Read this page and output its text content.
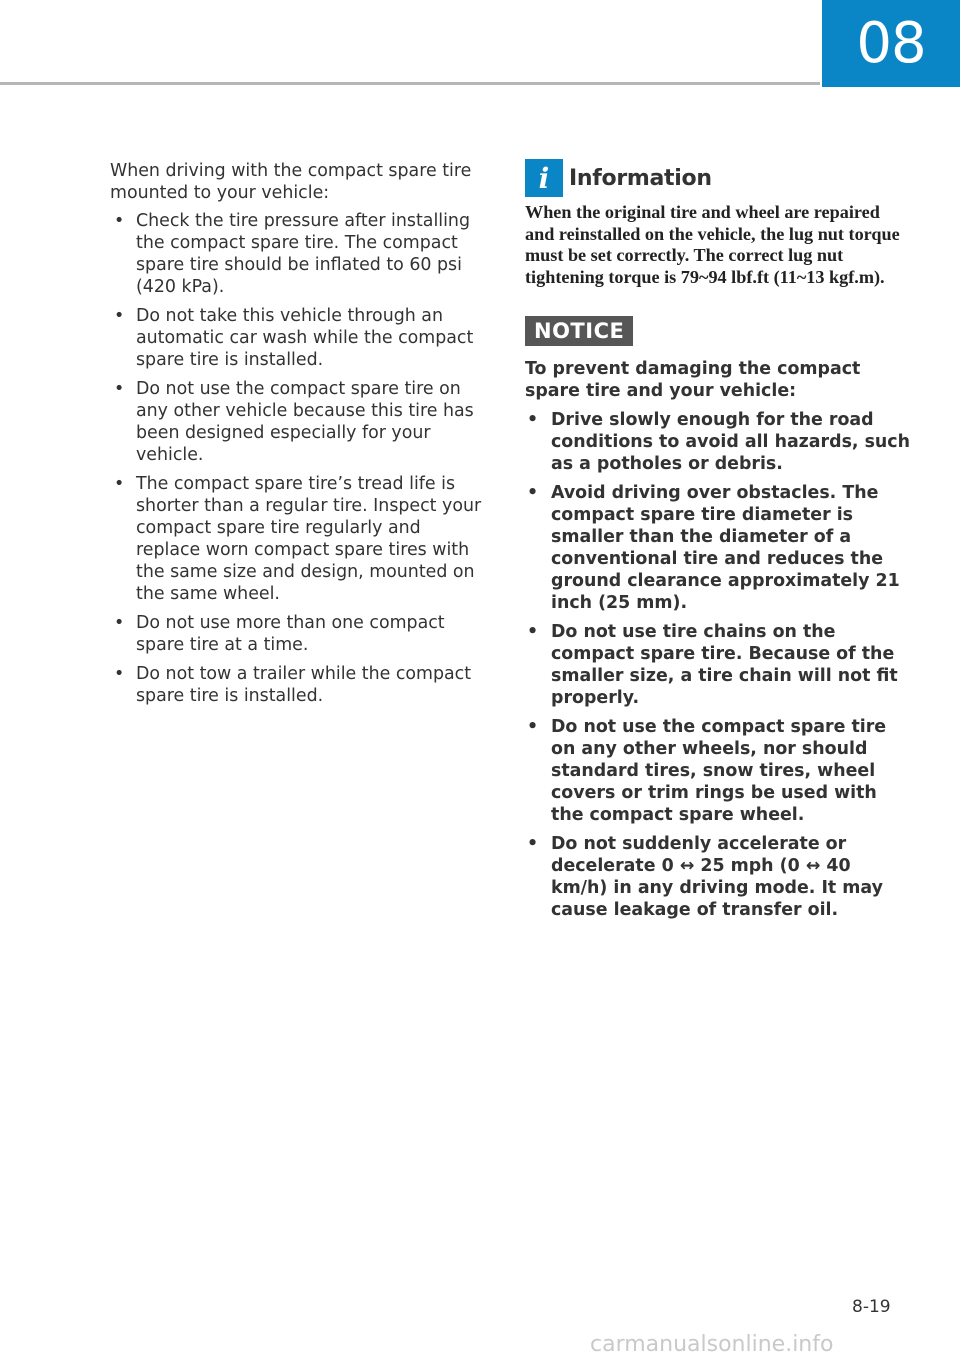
08

When driving with the compact spare tire mounted to your vehicle:

• Check the tire pressure after installing the compact spare tire. The compact spare tire should be inflated to 60 psi (420 kPa).
• Do not take this vehicle through an automatic car wash while the compact spare tire is installed.
• Do not use the compact spare tire on any other vehicle because this tire has been designed especially for your vehicle.
• The compact spare tire’s tread life is shorter than a regular tire. Inspect your compact spare tire regularly and replace worn compact spare tires with the same size and design, mounted on the same wheel.
• Do not use more than one compact spare tire at a time.
• Do not tow a trailer while the compact spare tire is installed.
i Information

When the original tire and wheel are repaired and reinstalled on the vehicle, the lug nut torque must be set correctly. The correct lug nut tightening torque is 79~94 lbf.ft (11~13 kgf.m).

NOTICE

To prevent damaging the compact spare tire and your vehicle:

• Drive slowly enough for the road conditions to avoid all hazards, such as a potholes or debris.
• Avoid driving over obstacles. The compact spare tire diameter is smaller than the diameter of a conventional tire and reduces the ground clearance approximately 21 inch (25 mm).
• Do not use tire chains on the compact spare tire. Because of the smaller size, a tire chain will not fit properly.
• Do not use the compact spare tire on any other wheels, nor should standard tires, snow tires, wheel covers or trim rings be used with the compact spare wheel.
• Do not suddenly accelerate or decelerate 0 ↔ 25 mph (0 ↔ 40 km/h) in any driving mode. It may cause leakage of transfer oil.
8-19
carmanualsonline.info
